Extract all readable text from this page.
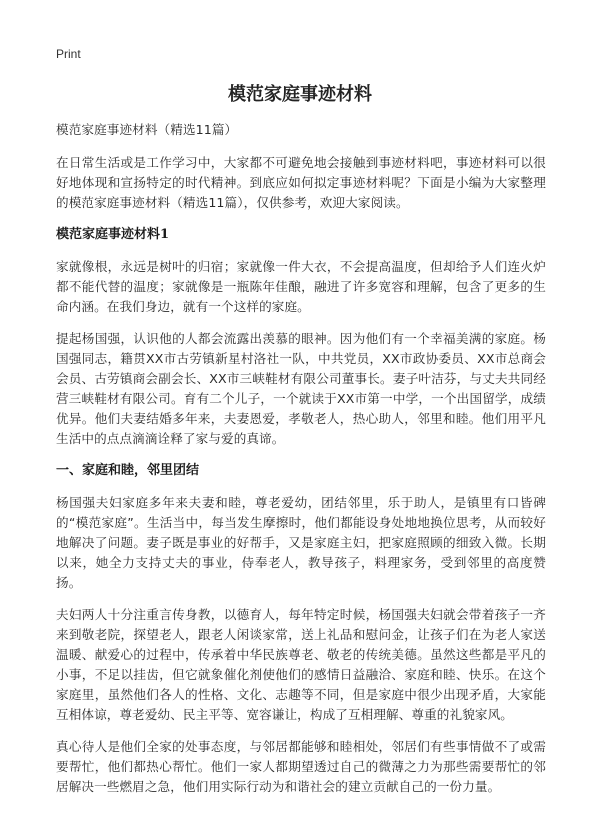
Print
模范家庭事迹材料

模范家庭事迹材料（精选11篇）

在日常生活或是工作学习中，大家都不可避免地会接触到事迹材料吧，事迹材料可以很好地体现和宣扬特定的时代精神。到底应如何拟定事迹材料呢？下面是小编为大家整理的模范家庭事迹材料（精选11篇），仅供参考，欢迎大家阅读。

模范家庭事迹材料1

家就像根，永远是树叶的归宿；家就像一件大衣，不会提高温度，但却给予人们连火炉都不能代替的温度；家就像是一瓶陈年佳酿，融进了许多宽容和理解，包含了更多的生命内涵。在我们身边，就有一个这样的家庭。

提起杨国强，认识他的人都会流露出羡慕的眼神。因为他们有一个幸福美满的家庭。杨国强同志，籍贯XX市古劳镇新星村洛社一队，中共党员，XX市政协委员、XX市总商会会员、古劳镇商会副会长、XX市三峡鞋材有限公司董事长。妻子叶洁芬，与丈夫共同经营三峡鞋材有限公司。育有二个儿子，一个就读于XX市第一中学，一个出国留学，成绩优异。他们夫妻结婚多年来，夫妻恩爱，孝敬老人，热心助人，邻里和睦。他们用平凡生活中的点点滴滴诠释了家与爱的真谛。

一、家庭和睦，邻里团结

杨国强夫妇家庭多年来夫妻和睦，尊老爱幼，团结邻里，乐于助人，是镇里有口皆碑的“模范家庭”。生活当中，每当发生摩擦时，他们都能设身处地地换位思考，从而较好地解决了问题。妻子既是事业的好帮手，又是家庭主妇，把家庭照顾的细致入微。长期以来，她全力支持丈夫的事业，侍奉老人，教导孩子，料理家务，受到邻里的高度赞扬。

夫妇两人十分注重言传身教，以德育人，每年特定时候，杨国强夫妇就会带着孩子一齐来到敬老院，探望老人，跟老人闲谈家常，送上礼品和慰问金，让孩子们在为老人家送温暖、献爱心的过程中，传承着中华民族尊老、敬老的传统美德。虽然这些都是平凡的小事，不足以挂齿，但它就象催化剂使他们的感情日益融洽、家庭和睦、快乐。在这个家庭里，虽然他们各人的性格、文化、志趣等不同，但是家庭中很少出现矛盾，大家能互相体谅，尊老爱幼、民主平等、宽容谦让，构成了互相理解、尊重的礼貌家风。

真心待人是他们全家的处事态度，与邻居都能够和睦相处，邻居们有些事情做不了或需要帮忙，他们都热心帮忙。他们一家人都期望透过自己的微薄之力为那些需要帮忙的邻居解决一些燃眉之急，他们用实际行动为和谐社会的建立贡献自己的一份力量。
